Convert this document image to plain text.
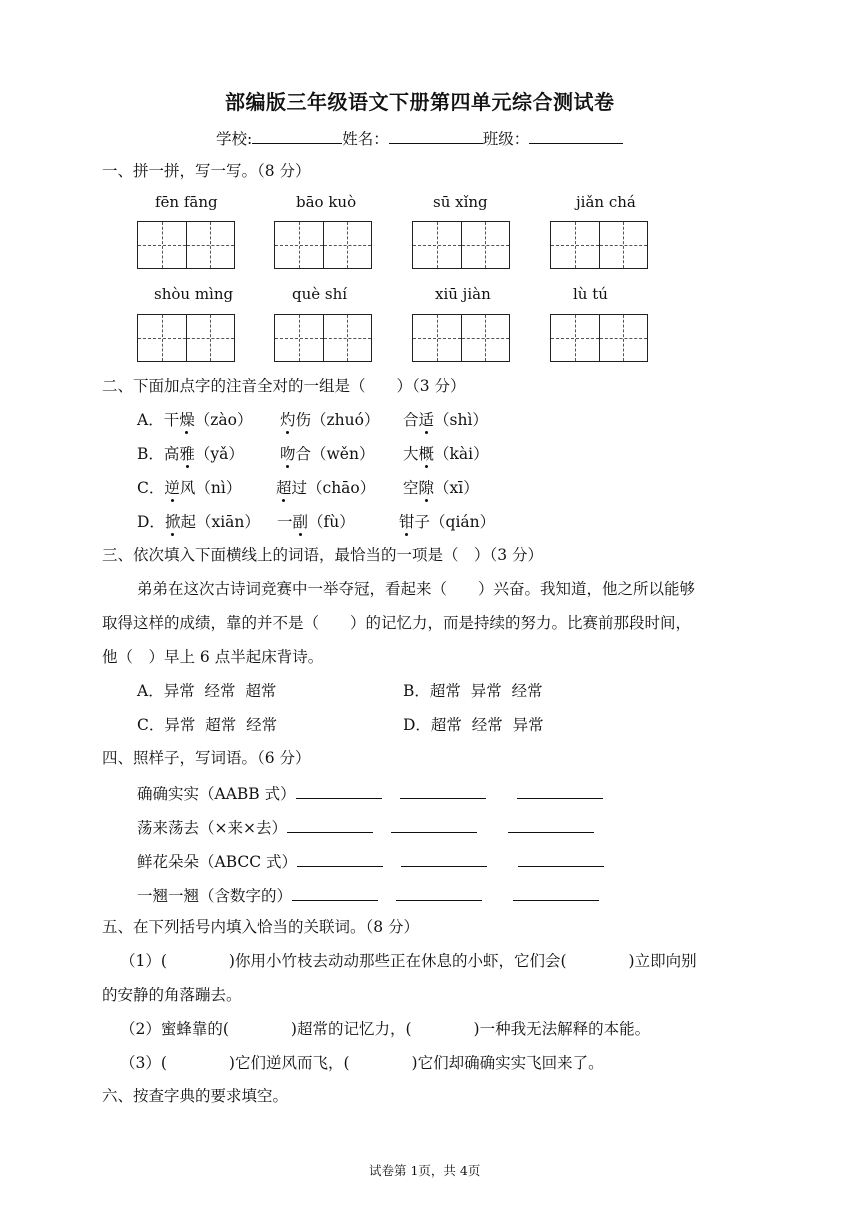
部编版三年级语文下册第四单元综合测试卷
学校:	姓名：	班级：
一、拼一拼，写一写。（8 分）
fēn fāng	bāo kuò	sū xǐng	jiǎn chá
shòu mìng	què shí	xiū jiàn	lù tú
二、下面加点字的注音全对的一组是（　　）（3 分）
A．干燥（zào） 灼伤（zhuó） 合适（shì）
B．高雅（yǎ） 吻合（wěn） 大概（kài）
C．逆风（nì） 超过（chāo） 空隙（xī）
D．掀起（xiān） 一副（fù）	钳子（qián）
三、依次填入下面横线上的词语，最恰当的一项是（　）（3 分）
弟弟在这次古诗词竞赛中一举夺冠，看起来（　　）兴奋。我知道，他之所以能够
取得这样的成绩，靠的并不是（　　）的记忆力，而是持续的努力。比赛前那段时间，
他（　）早上 6 点半起床背诗。
A．异常  经常  超常	B．超常  异常  经常
C．异常  超常  经常	D．超常  经常  异常
四、照样子，写词语。（6 分）
确确实实（AABB 式）
荡来荡去（×来×去）
鲜花朵朵（ABCC 式）
一翘一翘（含数字的）
五、在下列括号内填入恰当的关联词。（8 分）
（1）(	)你用小竹枝去动动那些正在休息的小虾，它们会(	)立即向别
的安静的角落蹦去。
（2）蜜蜂靠的(	)超常的记忆力，(	)一种我无法解释的本能。
（3）(	)它们逆风而飞，(	)它们却确确实实飞回来了。
六、按查字典的要求填空。
试卷第 1页，共 4页
